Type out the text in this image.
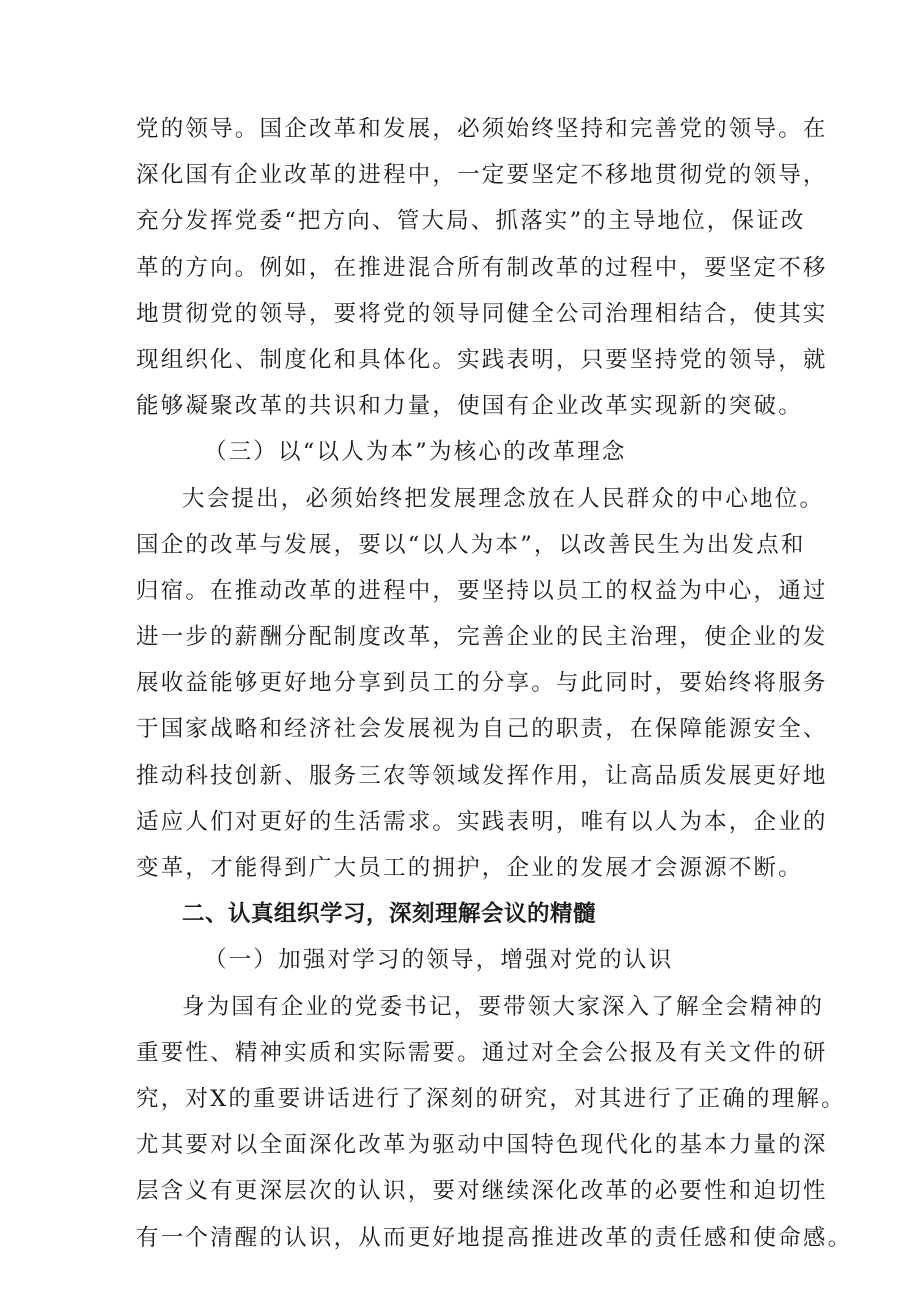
党的领导。国企改革和发展，必须始终坚持和完善党的领导。在
深化国有企业改革的进程中，一定要坚定不移地贯彻党的领导，
充分发挥党委“把方向、管大局、抓落实”的主导地位，保证改
革的方向。例如，在推进混合所有制改革的过程中，要坚定不移
地贯彻党的领导，要将党的领导同健全公司治理相结合，使其实
现组织化、制度化和具体化。实践表明，只要坚持党的领导，就
能够凝聚改革的共识和力量，使国有企业改革实现新的突破。
（三）以“以人为本”为核心的改革理念
大会提出，必须始终把发展理念放在人民群众的中心地位。
国企的改革与发展，要以“以人为本”，以改善民生为出发点和
归宿。在推动改革的进程中，要坚持以员工的权益为中心，通过
进一步的薪酬分配制度改革，完善企业的民主治理，使企业的发
展收益能够更好地分享到员工的分享。与此同时，要始终将服务
于国家战略和经济社会发展视为自己的职责，在保障能源安全、
推动科技创新、服务三农等领域发挥作用，让高品质发展更好地
适应人们对更好的生活需求。实践表明，唯有以人为本，企业的
变革，才能得到广大员工的拥护，企业的发展才会源源不断。
二、认真组织学习，深刻理解会议的精髓
（一）加强对学习的领导，增强对党的认识
身为国有企业的党委书记，要带领大家深入了解全会精神的
重要性、精神实质和实际需要。通过对全会公报及有关文件的研
究，对X的重要讲话进行了深刻的研究，对其进行了正确的理解。
尤其要对以全面深化改革为驱动中国特色现代化的基本力量的深
层含义有更深层次的认识，要对继续深化改革的必要性和迫切性
有一个清醒的认识，从而更好地提高推进改革的责任感和使命感。
